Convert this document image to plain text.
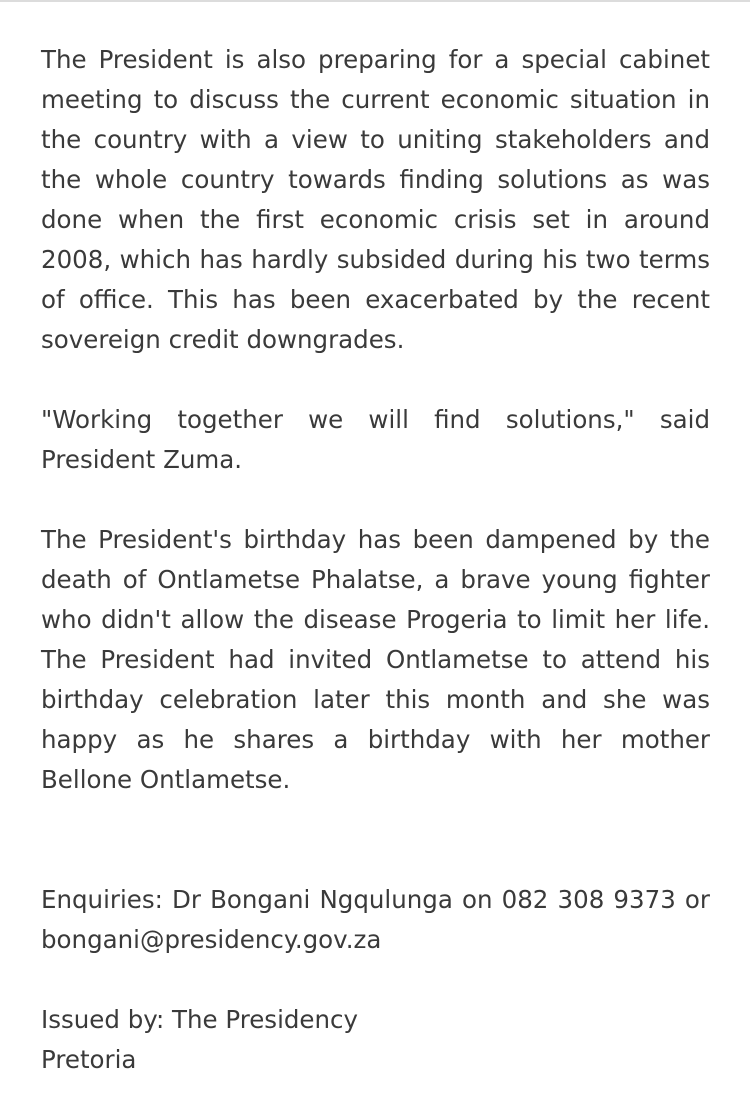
The President is also preparing for a special cabinet meeting to discuss the current economic situation in the country with a view to uniting stakeholders and the whole country towards finding solutions as was done when the first economic crisis set in around 2008, which has hardly subsided during his two terms of office. This has been exacerbated by the recent sovereign credit downgrades.

"Working together we will find solutions," said President Zuma.

The President's birthday has been dampened by the death of Ontlametse Phalatse, a brave young fighter who didn't allow the disease Progeria to limit her life. The President had invited Ontlametse to attend his birthday celebration later this month and she was happy as he shares a birthday with her mother Bellone Ontlametse.

Enquiries: Dr Bongani Ngqulunga on 082 308 9373 or bongani@presidency.gov.za

Issued by: The Presidency

Pretoria
